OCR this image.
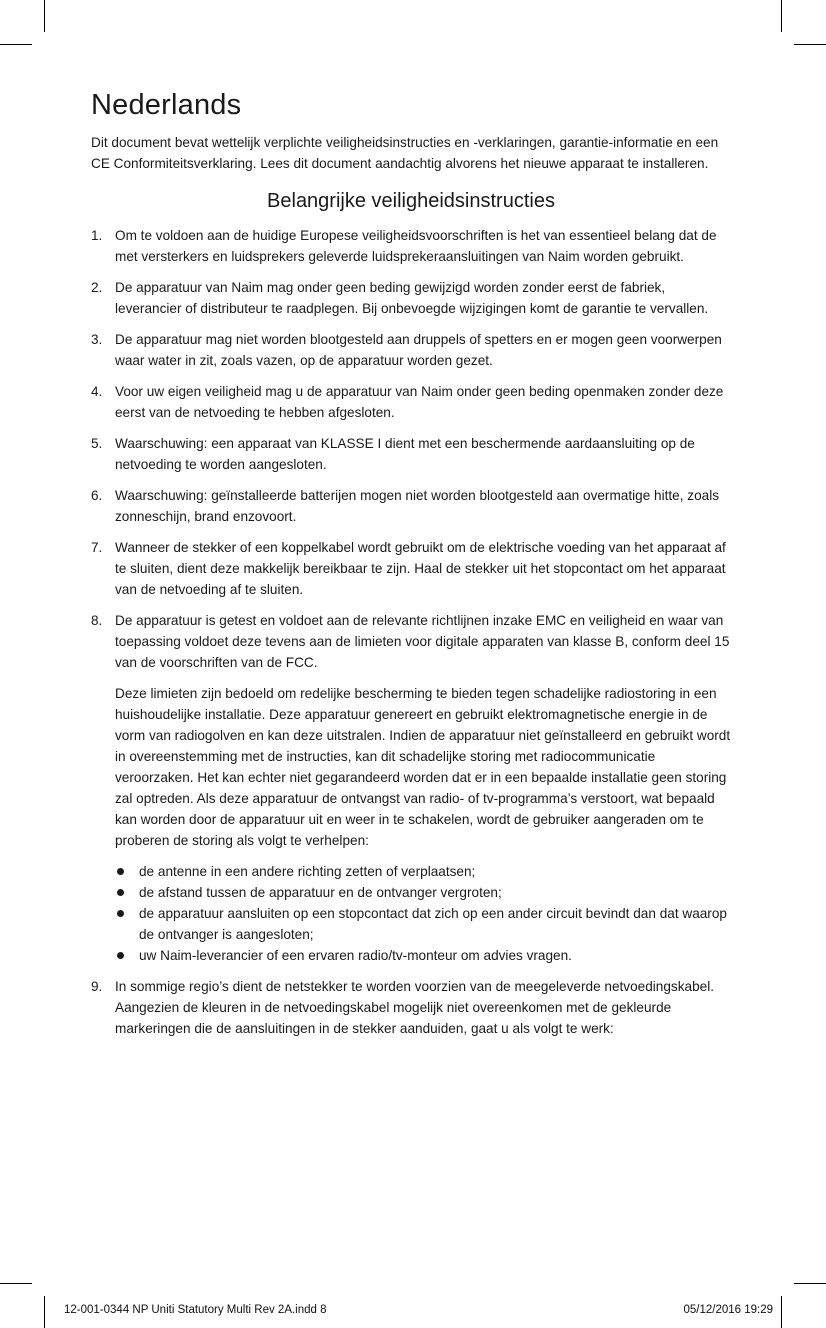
Nederlands

Dit document bevat wettelijk verplichte veiligheidsinstructies en -verklaringen, garantie-informatie en een CE Conformiteitsverklaring. Lees dit document aandachtig alvorens het nieuwe apparaat te installeren.

Belangrijke veiligheidsinstructies
1. Om te voldoen aan de huidige Europese veiligheidsvoorschriften is het van essentieel belang dat de met versterkers en luidsprekers geleverde luidsprekeraansluitingen van Naim worden gebruikt.

2. De apparatuur van Naim mag onder geen beding gewijzigd worden zonder eerst de fabriek, leverancier of distributeur te raadplegen. Bij onbevoegde wijzigingen komt de garantie te vervallen.

3. De apparatuur mag niet worden blootgesteld aan druppels of spetters en er mogen geen voorwerpen waar water in zit, zoals vazen, op de apparatuur worden gezet.

4. Voor uw eigen veiligheid mag u de apparatuur van Naim onder geen beding openmaken zonder deze eerst van de netvoeding te hebben afgesloten.

5. Waarschuwing: een apparaat van KLASSE I dient met een beschermende aardaansluiting op de netvoeding te worden aangesloten.

6. Waarschuwing: geïnstalleerde batterijen mogen niet worden blootgesteld aan overmatige hitte, zoals zonneschijn, brand enzovoort.

7. Wanneer de stekker of een koppelkabel wordt gebruikt om de elektrische voeding van het apparaat af te sluiten, dient deze makkelijk bereikbaar te zijn. Haal de stekker uit het stopcontact om het apparaat van de netvoeding af te sluiten.

8. De apparatuur is getest en voldoet aan de relevante richtlijnen inzake EMC en veiligheid en waar van toepassing voldoet deze tevens aan de limieten voor digitale apparaten van klasse B, conform deel 15 van de voorschriften van de FCC.

Deze limieten zijn bedoeld om redelijke bescherming te bieden tegen schadelijke radiostoring in een huishoudelijke installatie. Deze apparatuur genereert en gebruikt elektromagnetische energie in de vorm van radiogolven en kan deze uitstralen. Indien de apparatuur niet geïnstalleerd en gebruikt wordt in overeenstemming met de instructies, kan dit schadelijke storing met radiocommunicatie veroorzaken. Het kan echter niet gegarandeerd worden dat er in een bepaalde installatie geen storing zal optreden. Als deze apparatuur de ontvangst van radio- of tv-programma’s verstoort, wat bepaald kan worden door de apparatuur uit en weer in te schakelen, wordt de gebruiker aangeraden om te proberen de storing als volgt te verhelpen:

de antenne in een andere richting zetten of verplaatsen;
de afstand tussen de apparatuur en de ontvanger vergroten;
de apparatuur aansluiten op een stopcontact dat zich op een ander circuit bevindt dan dat waarop de ontvanger is aangesloten;
uw Naim-leverancier of een ervaren radio/tv-monteur om advies vragen.
9. In sommige regio’s dient de netstekker te worden voorzien van de meegeleverde netvoedingskabel. Aangezien de kleuren in de netvoedingskabel mogelijk niet overeenkomen met de gekleurde markeringen die de aansluitingen in de stekker aanduiden, gaat u als volgt te werk:

12-001-0344 NP Uniti Statutory Multi Rev 2A.indd 8	05/12/2016 19:29
